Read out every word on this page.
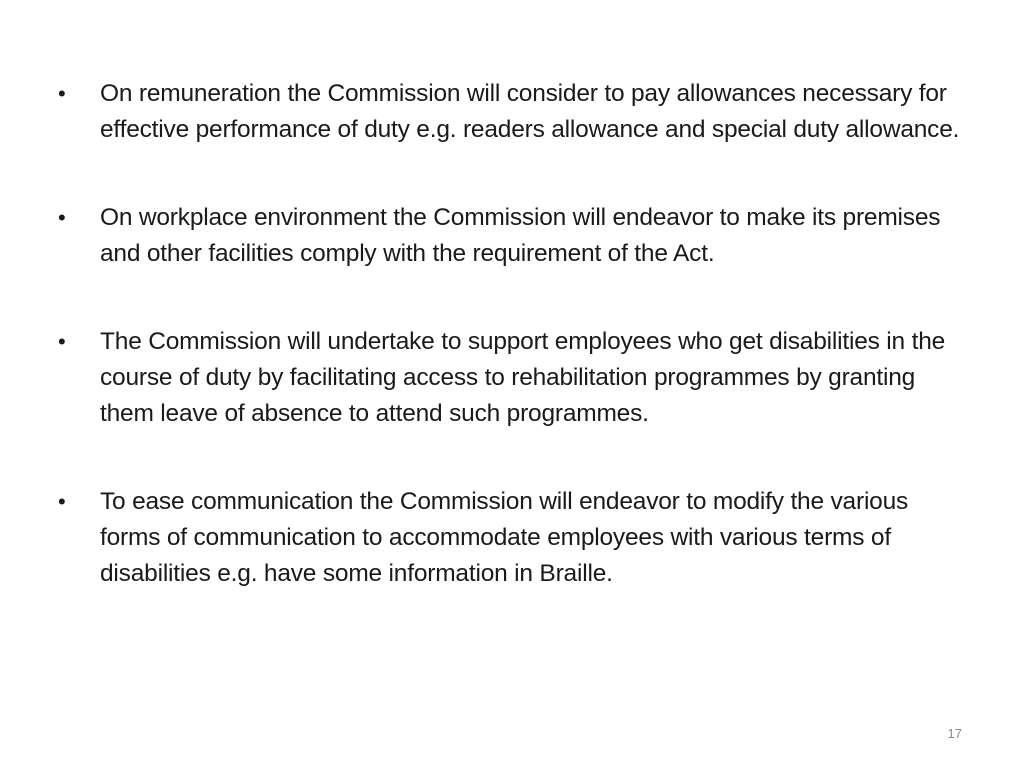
•	On remuneration the Commission will consider to pay allowances necessary for effective performance of duty e.g. readers allowance and special duty allowance.
•	On workplace environment the Commission will endeavor to make its premises and other facilities comply with the requirement of the Act.
•	The Commission will undertake to support employees who get disabilities in the course of duty by facilitating access to rehabilitation programmes by granting them leave of absence to attend such programmes.
•	To ease communication the Commission will endeavor to modify the various forms of communication to accommodate employees with various terms of disabilities e.g. have some information in Braille.
17
